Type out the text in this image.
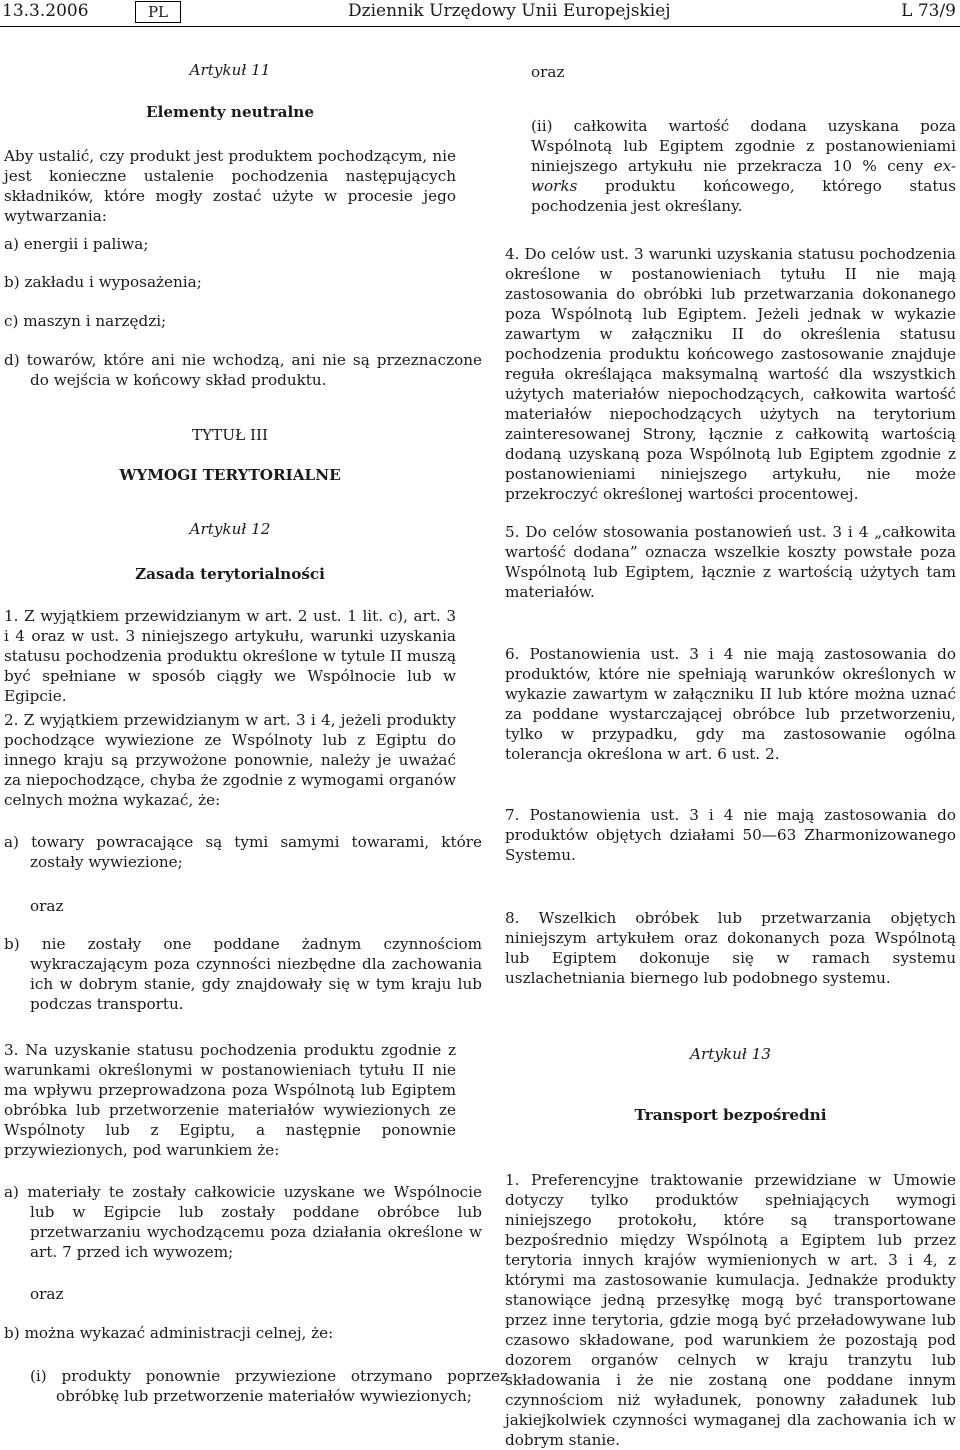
13.3.2006	PL	Dziennik Urzędowy Unii Europejskiej	L 73/9

Artykuł 11

Elementy neutralne

Aby ustalić, czy produkt jest produktem pochodzącym, nie jest konieczne ustalenie pochodzenia następujących składników, które mogły zostać użyte w procesie jego wytwarzania:

a) energii i paliwa;

b) zakładu i wyposażenia;

c) maszyn i narzędzi;

d) towarów, które ani nie wchodzą, ani nie są przeznaczone do wejścia w końcowy skład produktu.

TYTUŁ III

WYMOGI TERYTORIALNE

Artykuł 12

Zasada terytorialności

1. Z wyjątkiem przewidzianym w art. 2 ust. 1 lit. c), art. 3 i 4 oraz w ust. 3 niniejszego artykułu, warunki uzyskania statusu pochodzenia produktu określone w tytule II muszą być spełniane w sposób ciągły we Wspólnocie lub w Egipcie.

2. Z wyjątkiem przewidzianym w art. 3 i 4, jeżeli produkty pochodzące wywiezione ze Wspólnoty lub z Egiptu do innego kraju są przywożone ponownie, należy je uważać za niepochodzące, chyba że zgodnie z wymogami organów celnych można wykazać, że:

a) towary powracające są tymi samymi towarami, które zostały wywiezione;

oraz

b) nie zostały one poddane żadnym czynnościom wykraczającym poza czynności niezbędne dla zachowania ich w dobrym stanie, gdy znajdowały się w tym kraju lub podczas transportu.

3. Na uzyskanie statusu pochodzenia produktu zgodnie z warunkami określonymi w postanowieniach tytułu II nie ma wpływu przeprowadzona poza Wspólnotą lub Egiptem obróbka lub przetworzenie materiałów wywiezionych ze Wspólnoty lub z Egiptu, a następnie ponownie przywiezionych, pod warunkiem że:

a) materiały te zostały całkowicie uzyskane we Wspólnocie lub w Egipcie lub zostały poddane obróbce lub przetwarzaniu wychodzącemu poza działania określone w art. 7 przed ich wywozem;

oraz

b) można wykazać administracji celnej, że:

(i) produkty ponownie przywiezione otrzymano poprzez obróbkę lub przetworzenie materiałów wywiezionych;

oraz

(ii) całkowita wartość dodana uzyskana poza Wspólnotą lub Egiptem zgodnie z postanowieniami niniejszego artykułu nie przekracza 10 % ceny ex-works produktu końcowego, którego status pochodzenia jest określany.

4. Do celów ust. 3 warunki uzyskania statusu pochodzenia określone w postanowieniach tytułu II nie mają zastosowania do obróbki lub przetwarzania dokonanego poza Wspólnotą lub Egiptem. Jeżeli jednak w wykazie zawartym w załączniku II do określenia statusu pochodzenia produktu końcowego zastosowanie znajduje reguła określająca maksymalną wartość dla wszystkich użytych materiałów niepochodzących, całkowita wartość materiałów niepochodzących użytych na terytorium zainteresowanej Strony, łącznie z całkowitą wartością dodaną uzyskaną poza Wspólnotą lub Egiptem zgodnie z postanowieniami niniejszego artykułu, nie może przekroczyć określonej wartości procentowej.

5. Do celów stosowania postanowień ust. 3 i 4 „całkowita wartość dodana” oznacza wszelkie koszty powstałe poza Wspólnotą lub Egiptem, łącznie z wartością użytych tam materiałów.

6. Postanowienia ust. 3 i 4 nie mają zastosowania do produktów, które nie spełniają warunków określonych w wykazie zawartym w załączniku II lub które można uznać za poddane wystarczającej obróbce lub przetworzeniu, tylko w przypadku, gdy ma zastosowanie ogólna tolerancja określona w art. 6 ust. 2.

7. Postanowienia ust. 3 i 4 nie mają zastosowania do produktów objętych działami 50—63 Zharmonizowanego Systemu.

8. Wszelkich obróbek lub przetwarzania objętych niniejszym artykułem oraz dokonanych poza Wspólnotą lub Egiptem dokonuje się w ramach systemu uszlachetniania biernego lub podobnego systemu.

Artykuł 13

Transport bezpośredni

1. Preferencyjne traktowanie przewidziane w Umowie dotyczy tylko produktów spełniających wymogi niniejszego protokołu, które są transportowane bezpośrednio między Wspólnotą a Egiptem lub przez terytoria innych krajów wymienionych w art. 3 i 4, z którymi ma zastosowanie kumulacja. Jednakże produkty stanowiące jedną przesyłkę mogą być transportowane przez inne terytoria, gdzie mogą być przeładowywane lub czasowo składowane, pod warunkiem że pozostają pod dozorem organów celnych w kraju tranzytu lub składowania i że nie zostaną one poddane innym czynnościom niż wyładunek, ponowny załadunek lub jakiejkolwiek czynności wymaganej dla zachowania ich w dobrym stanie.
